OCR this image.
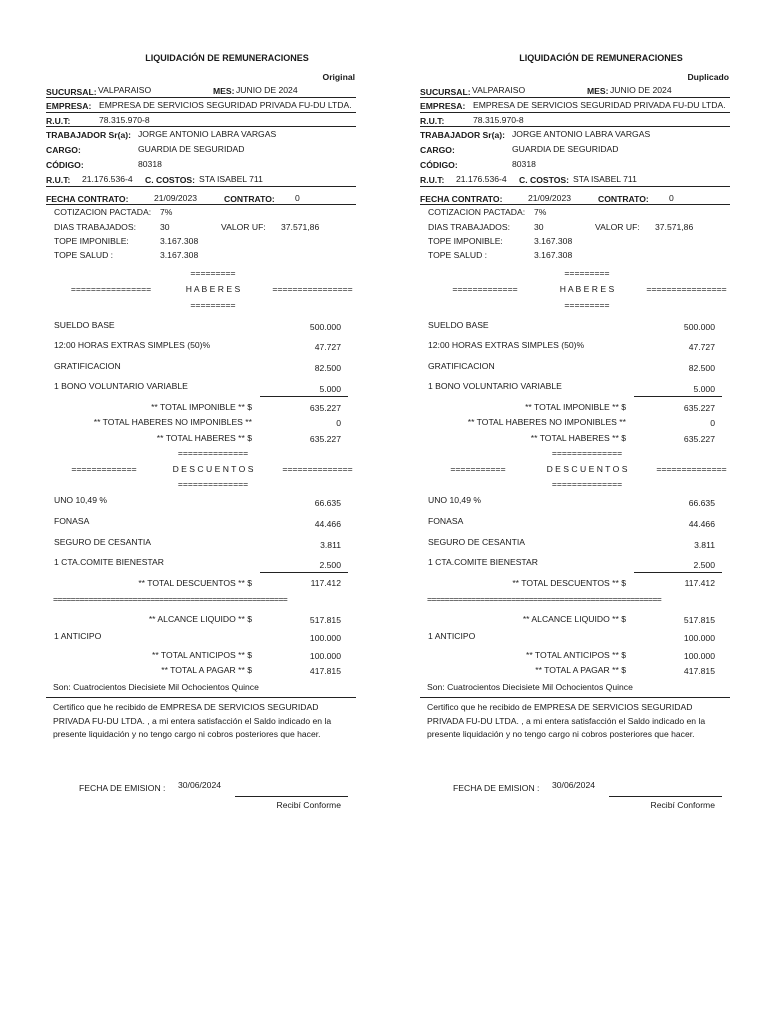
LIQUIDACIÓN DE REMUNERACIONES
Original
SUCURSAL: VALPARAISO	MES: JUNIO DE 2024
EMPRESA: EMPRESA DE SERVICIOS SEGURIDAD PRIVADA FU-DU LTDA.
R.U.T:	78.315.970-8
TRABAJADOR Sr(a): JORGE ANTONIO LABRA VARGAS
CARGO:	GUARDIA DE SEGURIDAD
CÓDIGO:	80318
R.U.T: 21.176.536-4 C. COSTOS: STA ISABEL 711
FECHA CONTRATO:	21/09/2023	CONTRATO: 0
COTIZACION PACTADA: 7%
DIAS TRABAJADOS:	30	VALOR UF: 37.571,86
TOPE IMPONIBLE:	3.167.308
TOPE SALUD :	3.167.308
=========
================	H A B E R E S	================
=========
SUELDO BASE	500.000
12:00 HORAS EXTRAS SIMPLES (50)%	47.727
GRATIFICACION	82.500
1 BONO VOLUNTARIO VARIABLE	5.000
** TOTAL IMPONIBLE ** $	635.227
** TOTAL HABERES NO IMPONIBLES **	0
** TOTAL HABERES ** $	635.227
==============
=============	D E S C U E N T O S	==============
==============
UNO 10,49 %	66.635
FONASA	44.466
SEGURO DE CESANTIA	3.811
1 CTA.COMITE BIENESTAR	2.500
** TOTAL DESCUENTOS ** $	117.412
=====================================================
** ALCANCE LIQUIDO ** $	517.815
1 ANTICIPO	100.000
** TOTAL ANTICIPOS ** $	100.000
** TOTAL A PAGAR ** $	417.815
Son: Cuatrocientos Diecisiete Mil Ochocientos Quince
Certifico que he recibido de EMPRESA DE SERVICIOS SEGURIDAD PRIVADA FU-DU LTDA. , a mi entera satisfacción el Saldo indicado en la presente liquidación y no tengo cargo ni cobros posteriores que hacer.
FECHA DE EMISION : 30/06/2024
Recibí Conforme
LIQUIDACIÓN DE REMUNERACIONES
Duplicado
SUCURSAL: VALPARAISO	MES: JUNIO DE 2024
EMPRESA: EMPRESA DE SERVICIOS SEGURIDAD PRIVADA FU-DU LTDA.
R.U.T:	78.315.970-8
TRABAJADOR Sr(a): JORGE ANTONIO LABRA VARGAS
CARGO:	GUARDIA DE SEGURIDAD
CÓDIGO:	80318
R.U.T: 21.176.536-4 C. COSTOS: STA ISABEL 711
FECHA CONTRATO:	21/09/2023	CONTRATO: 0
COTIZACION PACTADA: 7%
DIAS TRABAJADOS:	30	VALOR UF: 37.571,86
TOPE IMPONIBLE:	3.167.308
TOPE SALUD :	3.167.308
=========
=============	H A B E R E S	================
=========
SUELDO BASE	500.000
12:00 HORAS EXTRAS SIMPLES (50)%	47.727
GRATIFICACION	82.500
1 BONO VOLUNTARIO VARIABLE	5.000
** TOTAL IMPONIBLE ** $	635.227
** TOTAL HABERES NO IMPONIBLES **	0
** TOTAL HABERES ** $	635.227
==============
===========	D E S C U E N T O S	==============
==============
UNO 10,49 %	66.635
FONASA	44.466
SEGURO DE CESANTIA	3.811
1 CTA.COMITE BIENESTAR	2.500
** TOTAL DESCUENTOS ** $	117.412
=====================================================
** ALCANCE LIQUIDO ** $	517.815
1 ANTICIPO	100.000
** TOTAL ANTICIPOS ** $	100.000
** TOTAL A PAGAR ** $	417.815
Son: Cuatrocientos Diecisiete Mil Ochocientos Quince
Certifico que he recibido de EMPRESA DE SERVICIOS SEGURIDAD PRIVADA FU-DU LTDA. , a mi entera satisfacción el Saldo indicado en la presente liquidación y no tengo cargo ni cobros posteriores que hacer.
FECHA DE EMISION : 30/06/2024
Recibí Conforme
